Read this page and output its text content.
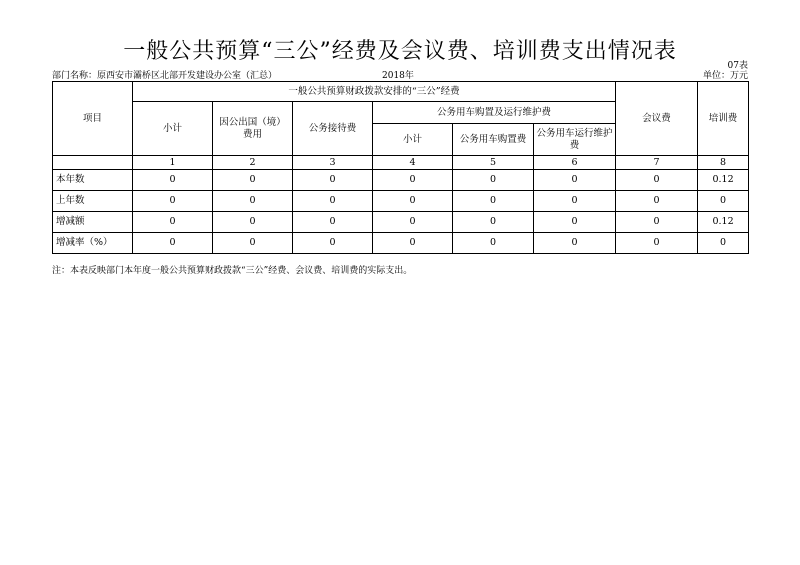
一般公共预算“三公”经费及会议费、培训费支出情况表
07表
部门名称：原西安市灞桥区北部开发建设办公室（汇总）	2018年	单位：万元
项目	一般公共预算财政拨款安排的“三公”经费						会议费	培训费
	小计	因公出国（境）费用	公务接待费	公务用车购置及运行维护费				
				小计	公务用车购置费	公务用车运行维护费		
	1	2	3	4	5	6	7	8
本年数	0	0	0	0	0	0	0	0.12
上年数	0	0	0	0	0	0	0	0
增减额	0	0	0	0	0	0	0	0.12
增减率（%）	0	0	0	0	0	0	0	0
注：本表反映部门本年度一般公共预算财政拨款“三公”经费、会议费、培训费的实际支出。
